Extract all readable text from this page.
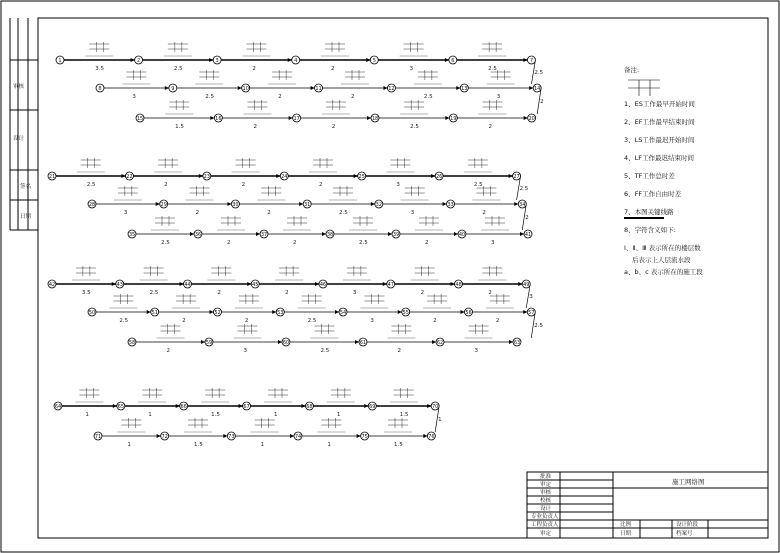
审核
设计
签名
日期
3.5	2.5	2	2	3	2.5
2.5
3	2.5	2	2	2.5	3
2
1.5	2	2	2.5	2
1	2	3	4	5	6	7
8	9	10	11	12	13	14
15	16	17	18	19	20
2.5	2	2	2	3	2.5
2.5
3	2	2	2.5	3	2
2
2.5	2	2	2.5	2	3
21	22	23	24	25	26	27
28	29	30	31	32	33	34
35	36	37	38	39	40	41
3.5	2.5	2	2	3	2	2
3
2.5	2	2	2.5	3	2	2
2.5
2	3	2.5	2	3
42	43	44	45	46	47	48	49
50	51	52	53	54	55	56	57
58	59	60	61	62	63
1	1	1.5	1	1	1.5
1
1	1.5	1	1	1.5
64	65	66	67	68	69	70
71	72	73	74	75	76
备注:
1、ES工作最早开始时间
2、EF工作最早结束时间
3、LS工作最迟开始时间
4、LF工作最迟结束时间
5、TF工作总时差
6、FF工作自由时差
7、本图关键线路
8、字符含义如下:
Ⅰ、Ⅱ、Ⅲ 表示所在的楼层数
后表示上人层流水段
a、b、c 表示所在的施工段
批准
审定
审核
校核
设计
专业负责人
工程负责人
审定
施工网络图
比例
日期
设计阶段
档案号
